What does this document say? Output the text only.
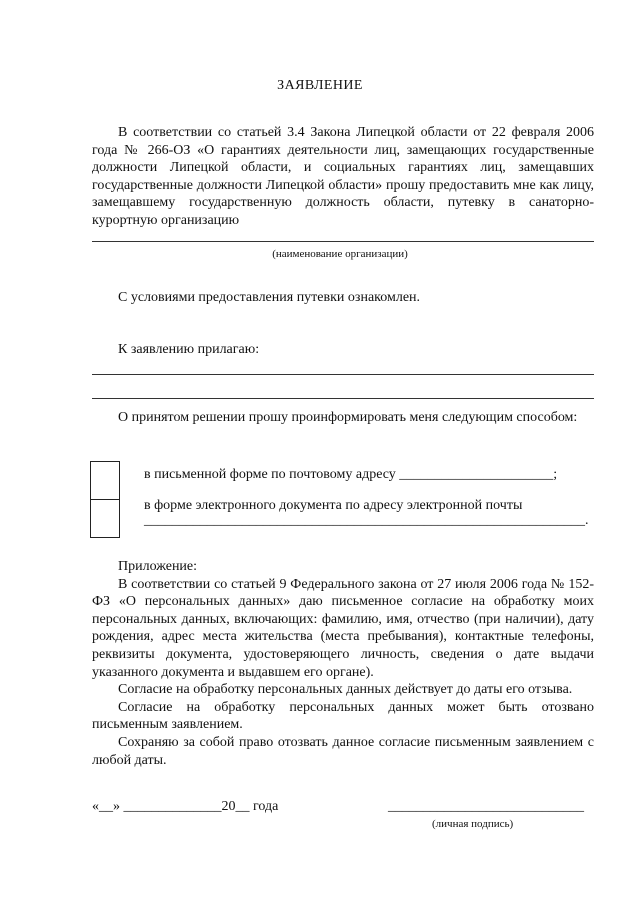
ЗАЯВЛЕНИЕ

В соответствии со статьей 3.4 Закона Липецкой области от 22 февраля 2006 года № 266-ОЗ «О гарантиях деятельности лиц, замещающих государственные должности Липецкой области, и социальных гарантиях лиц, замещавших государственные должности Липецкой области» прошу предоставить мне как лицу, замещавшему государственную должность области, путевку в санаторно-курортную организацию

(наименование организации)

С условиями предоставления путевки ознакомлен.

К заявлению прилагаю:

О принятом решении прошу проинформировать меня следующим способом:

в письменной форме по почтовому адресу ______________________;

в форме электронного документа по адресу электронной почты

_______________________________________________________________.

Приложение:

В соответствии со статьей 9 Федерального закона от 27 июля 2006 года № 152-ФЗ «О персональных данных» даю письменное согласие на обработку моих персональных данных, включающих: фамилию, имя, отчество (при наличии), дату рождения, адрес места жительства (места пребывания), контактные телефоны, реквизиты документа, удостоверяющего личность, сведения о дате выдачи указанного документа и выдавшем его органе).

Согласие на обработку персональных данных действует до даты его отзыва.

Согласие на обработку персональных данных может быть отозвано письменным заявлением.

Сохраняю за собой право отозвать данное согласие письменным заявлением с любой даты.

«__» ______________20__ года	____________________________

(личная подпись)
